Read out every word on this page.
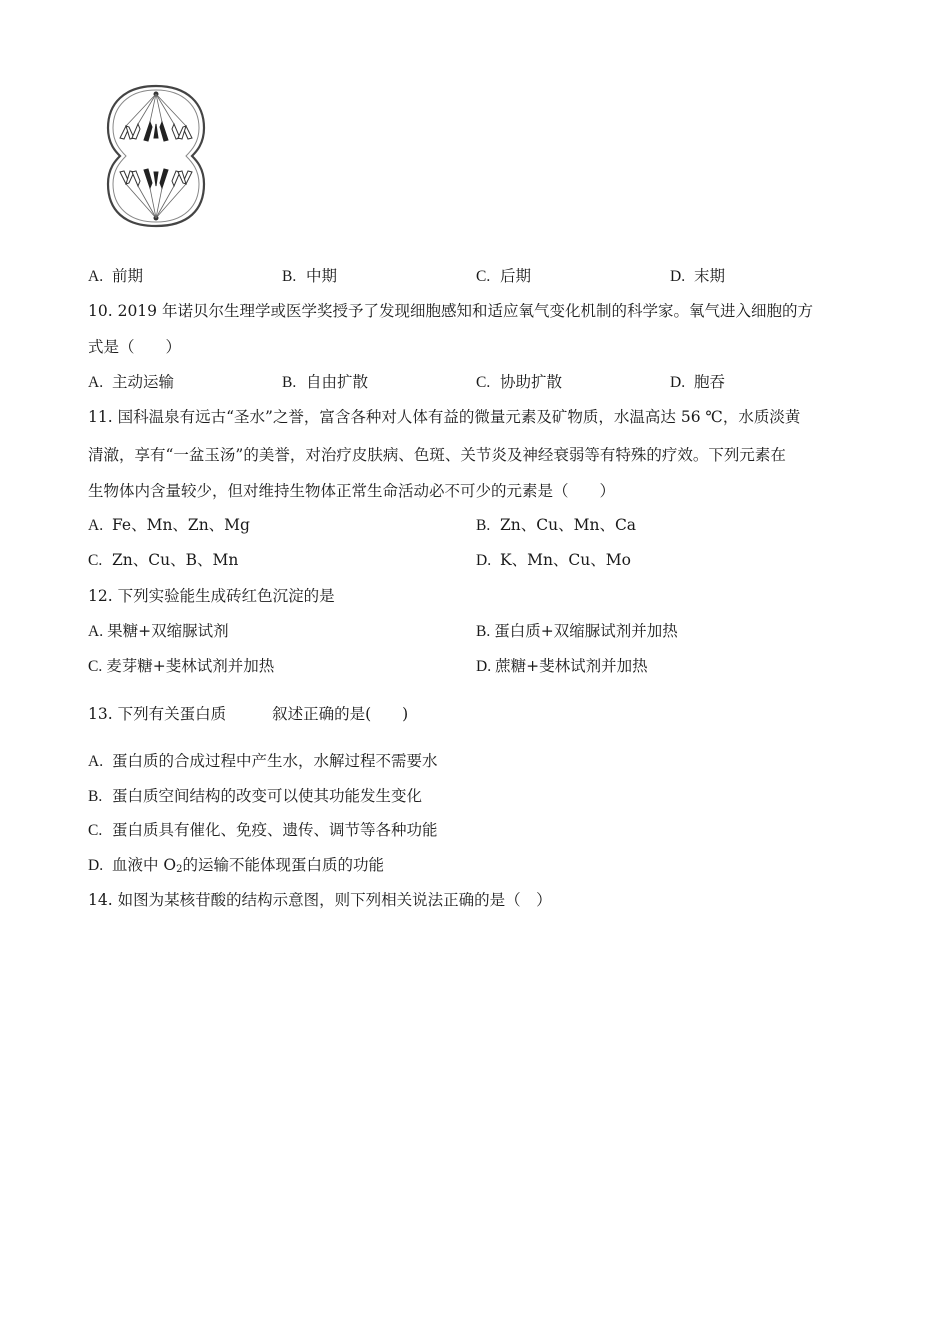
A. 前期	B. 中期	C. 后期	D. 末期
10. 2019 年诺贝尔生理学或医学奖授予了发现细胞感知和适应氧气变化机制的科学家。氧气进入细胞的方
式是（　　）
A. 主动运输	B. 自由扩散	C. 协助扩散	D. 胞吞
11. 国科温泉有远古“圣水”之誉，富含各种对人体有益的微量元素及矿物质，水温高达 56 ℃，水质淡黄
清澈，享有“一盆玉汤”的美誉，对治疗皮肤病、色斑、关节炎及神经衰弱等有特殊的疗效。下列元素在
生物体内含量较少，但对维持生物体正常生命活动必不可少的元素是（　　）
A. Fe、Mn、Zn、Mg	B. Zn、Cu、Mn、Ca
C. Zn、Cu、B、Mn	D. K、Mn、Cu、Mo
12. 下列实验能生成砖红色沉淀的是
A. 果糖+双缩脲试剂	B. 蛋白质+双缩脲试剂并加热
C. 麦芽糖+斐林试剂并加热	D. 蔗糖+斐林试剂并加热
13. 下列有关蛋白质	叙述正确的是(　　)
A. 蛋白质的合成过程中产生水，水解过程不需要水
B. 蛋白质空间结构的改变可以使其功能发生变化
C. 蛋白质具有催化、免疫、遗传、调节等各种功能
D. 血液中 $O_2$的运输不能体现蛋白质的功能
14. 如图为某核苷酸的结构示意图，则下列相关说法正确的是（　）
